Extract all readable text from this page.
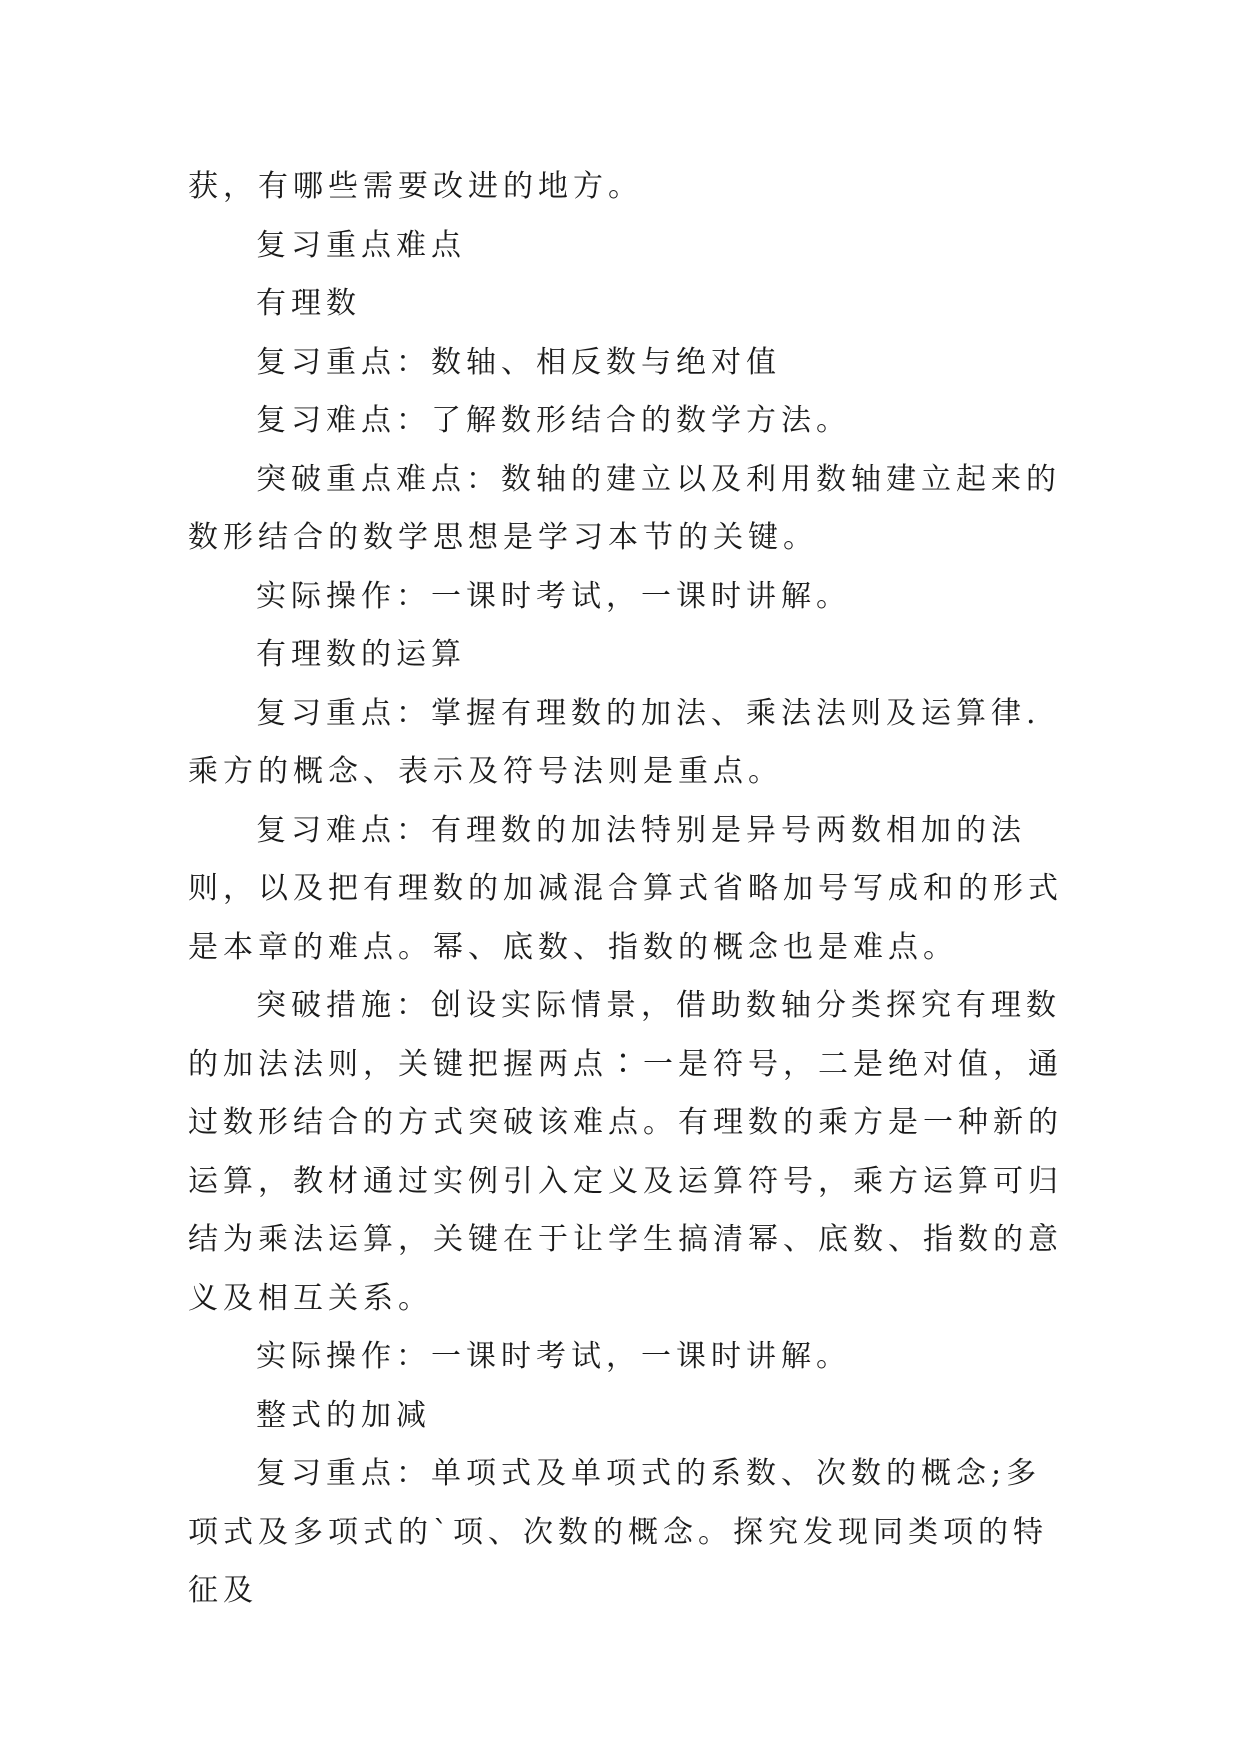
获，有哪些需要改进的地方。

复习重点难点

有理数

复习重点：数轴、相反数与绝对值

复习难点：了解数形结合的数学方法。

突破重点难点：数轴的建立以及利用数轴建立起来的数形结合的数学思想是学习本节的关键。

实际操作：一课时考试，一课时讲解。

有理数的运算

复习重点：掌握有理数的加法、乘法法则及运算律.乘方的概念、表示及符号法则是重点。

复习难点：有理数的加法特别是异号两数相加的法则，以及把有理数的加减混合算式省略加号写成和的形式是本章的难点。幂、底数、指数的概念也是难点。

突破措施：创设实际情景，借助数轴分类探究有理数的加法法则，关键把握两点∶一是符号，二是绝对值，通过数形结合的方式突破该难点。有理数的乘方是一种新的运算，教材通过实例引入定义及运算符号，乘方运算可归结为乘法运算，关键在于让学生搞清幂、底数、指数的意义及相互关系。

实际操作：一课时考试，一课时讲解。

整式的加减

复习重点：单项式及单项式的系数、次数的概念;多项式及多项式的`项、次数的概念。探究发现同类项的特征及
